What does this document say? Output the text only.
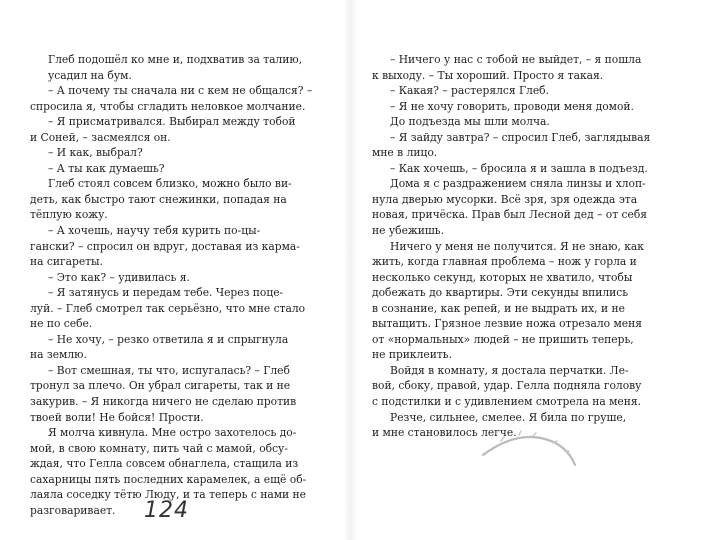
Глеб подошёл ко мне и, подхватив за талию,
усадил на бум.
– А почему ты сначала ни с кем не общался? –
спросила я, чтобы сгладить неловкое молчание.
– Я присматривался. Выбирал между тобой
и Соней, – засмеялся он.
– И как, выбрал?
– А ты как думаешь?
Глеб стоял совсем близко, можно было ви-
деть, как быстро тают снежинки, попадая на
тёплую кожу.
– А хочешь, научу тебя курить по-цы-
гански? – спросил он вдруг, доставая из карма-
на сигареты.
– Это как? – удивилась я.
– Я затянусь и передам тебе. Через поце-
луй. – Глеб смотрел так серьёзно, что мне стало
не по себе.
– Не хочу, – резко ответила я и спрыгнула
на землю.
– Вот смешная, ты что, испугалась? – Глеб
тронул за плечо. Он убрал сигареты, так и не
закурив. – Я никогда ничего не сделаю против
твоей воли! Не бойся! Прости.
Я молча кивнула. Мне остро захотелось до-
мой, в свою комнату, пить чай с мамой, обсу-
ждая, что Гелла совсем обнаглела, стащила из
сахарницы пять последних карамелек, а ещё об-
лаяла соседку тётю Люду, и та теперь с нами не
разговаривает.	124
– Ничего у нас с тобой не выйдет, – я пошла
к выходу. – Ты хороший. Просто я такая.
– Какая? – растерялся Глеб.
– Я не хочу говорить, проводи меня домой.
До подъезда мы шли молча.
– Я зайду завтра? – спросил Глеб, заглядывая
мне в лицо.
– Как хочешь, – бросила я и зашла в подъезд.
Дома я с раздражением сняла линзы и хлоп-
нула дверью мусорки. Всё зря, зря одежда эта
новая, причёска. Прав был Лесной дед – от себя
не убежишь.
Ничего у меня не получится. Я не знаю, как
жить, когда главная проблема – нож у горла и
несколько секунд, которых не хватило, чтобы
добежать до квартиры. Эти секунды впились
в сознание, как репей, и не выдрать их, и не
вытащить. Грязное лезвие ножа отрезало меня
от «нормальных» людей – не пришить теперь,
не приклеить.
Войдя в комнату, я достала перчатки. Ле-
вой, сбоку, правой, удар. Гелла подняла голову
с подстилки и с удивлением смотрела на меня.
Резче, сильнее, смелее. Я била по груше,
и мне становилось легче.
